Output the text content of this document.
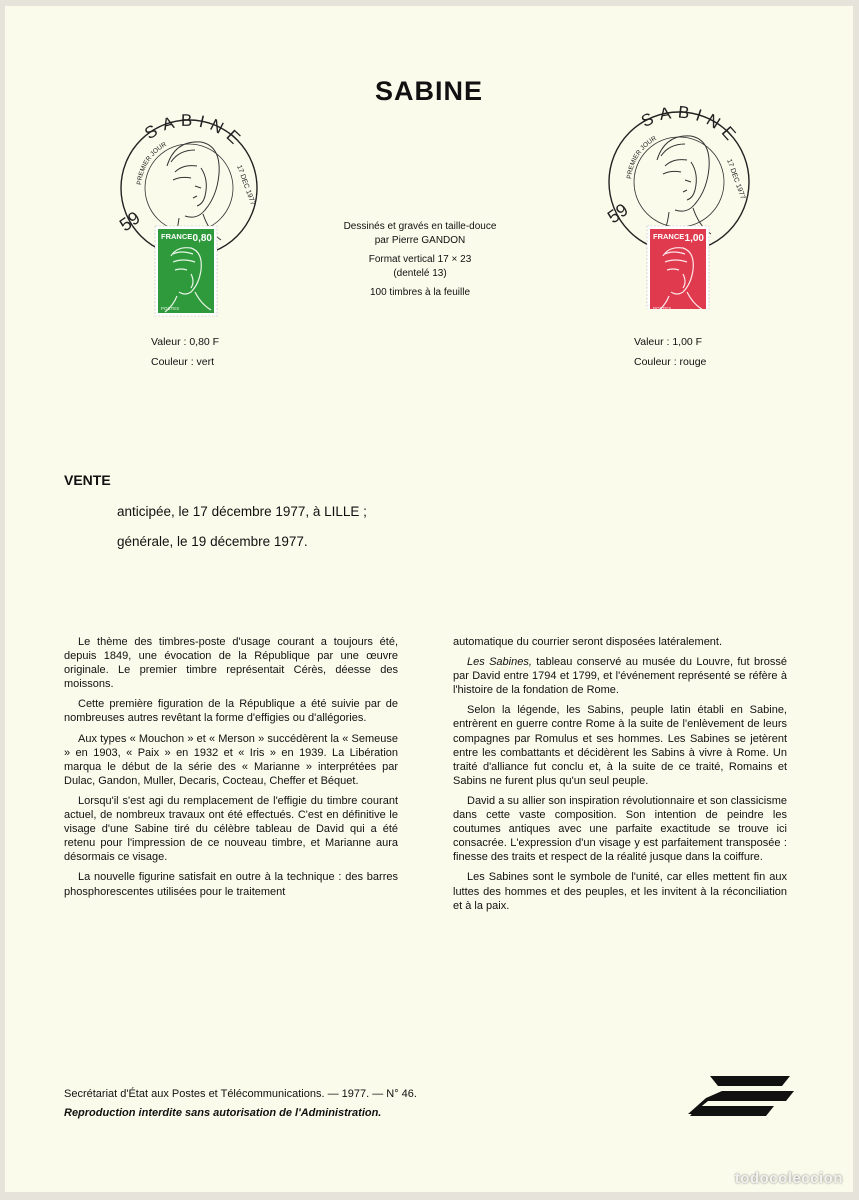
SABINE
SABINE
PREMIER JOUR
17 DEC 1977
59
FRANCE 0,80
POSTES
Valeur : 0,80 F
Couleur : vert
Dessinés et gravés en taille-douce
par Pierre GANDON
Format vertical 17 × 23
(dentelé 13)
100 timbres à la feuille
SABINE
PREMIER JOUR
17 DEC 1977
59
FRANCE 1,00
POSTES
Valeur : 1,00 F
Couleur : rouge
VENTE
anticipée, le 17 décembre 1977, à LILLE ;
générale, le 19 décembre 1977.

Le thème des timbres-poste d'usage courant a toujours été, depuis 1849, une évocation de la République par une œuvre originale. Le premier timbre représentait Cérès, déesse des moissons.

Cette première figuration de la République a été suivie par de nombreuses autres revêtant la forme d'effigies ou d'allégories.

Aux types « Mouchon » et « Merson » succédèrent la « Semeuse » en 1903, « Paix » en 1932 et « Iris » en 1939. La Libération marqua le début de la série des « Marianne » interprétées par Dulac, Gandon, Muller, Decaris, Cocteau, Cheffer et Béquet.

Lorsqu'il s'est agi du remplacement de l'effigie du timbre courant actuel, de nombreux travaux ont été effectués. C'est en définitive le visage d'une Sabine tiré du célèbre tableau de David qui a été retenu pour l'impression de ce nouveau timbre, et Marianne aura désormais ce visage.

La nouvelle figurine satisfait en outre à la technique : des barres phosphorescentes utilisées pour le traitement

automatique du courrier seront disposées latéralement.

Les Sabines, tableau conservé au musée du Louvre, fut brossé par David entre 1794 et 1799, et l'événement représenté se réfère à l'histoire de la fondation de Rome.

Selon la légende, les Sabins, peuple latin établi en Sabine, entrèrent en guerre contre Rome à la suite de l'enlèvement de leurs compagnes par Romulus et ses hommes. Les Sabines se jetèrent entre les combattants et décidèrent les Sabins à vivre à Rome. Un traité d'alliance fut conclu et, à la suite de ce traité, Romains et Sabins ne furent plus qu'un seul peuple.

David a su allier son inspiration révolutionnaire et son classicisme dans cette vaste composition. Son intention de peindre les coutumes antiques avec une parfaite exactitude se trouve ici consacrée. L'expression d'un visage y est parfaitement transposée : finesse des traits et respect de la réalité jusque dans la coiffure.

Les Sabines sont le symbole de l'unité, car elles mettent fin aux luttes des hommes et des peuples, et les invitent à la réconciliation et à la paix.

Secrétariat d'État aux Postes et Télécommunications. — 1977. — N° 46.
Reproduction interdite sans autorisation de l'Administration.
todocoleccion
